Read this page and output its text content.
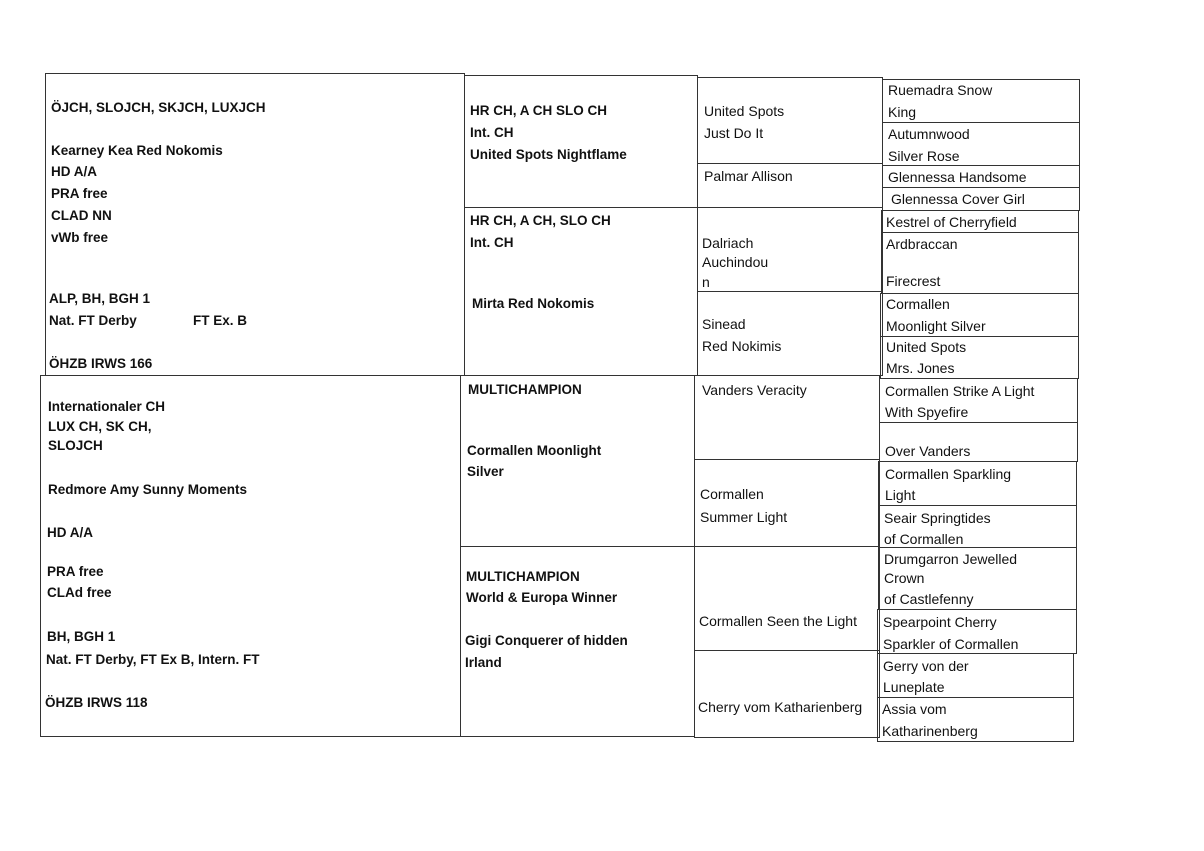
ÖJCH, SLOJCH, SKJCH, LUXJCH
Kearney Kea Red Nokomis
HD A/A
PRA free
CLAD NN
vWb free
ALP, BH, BGH 1
Nat. FT Derby	FT Ex. B
ÖHZB IRWS 166
Internationaler CH
LUX CH, SK CH,
SLOJCH
Redmore Amy Sunny Moments
HD A/A
PRA free
CLAd free
BH, BGH 1
Nat. FT Derby, FT Ex B, Intern. FT
ÖHZB IRWS 118
HR CH, A CH SLO CH
Int. CH
United Spots Nightflame
HR CH, A CH, SLO CH
Int. CH
Mirta Red Nokomis
MULTICHAMPION
Cormallen Moonlight
Silver
MULTICHAMPION
World & Europa Winner
Gigi Conquerer of hidden
Irland
United Spots
Just Do It
Palmar Allison
Dalriach
Auchindou
n
Sinead
Red Nokimis
Vanders Veracity
Cormallen
Summer Light
Cormallen Seen the Light
Cherry vom Katharienberg
Ruemadra Snow
King
Autumnwood
Silver Rose
Glennessa Handsome
Glennessa Cover Girl
Kestrel of Cherryfield
Ardbraccan
Firecrest
Cormallen
Moonlight Silver
United Spots
Mrs. Jones
Cormallen Strike A Light
With Spyefire
Over Vanders
Cormallen Sparkling
Light
Seair Springtides
of Cormallen
Drumgarron Jewelled
Crown
of Castlefenny
Spearpoint Cherry
Sparkler of Cormallen
Gerry von der
Luneplate
Assia vom
Katharinenberg
